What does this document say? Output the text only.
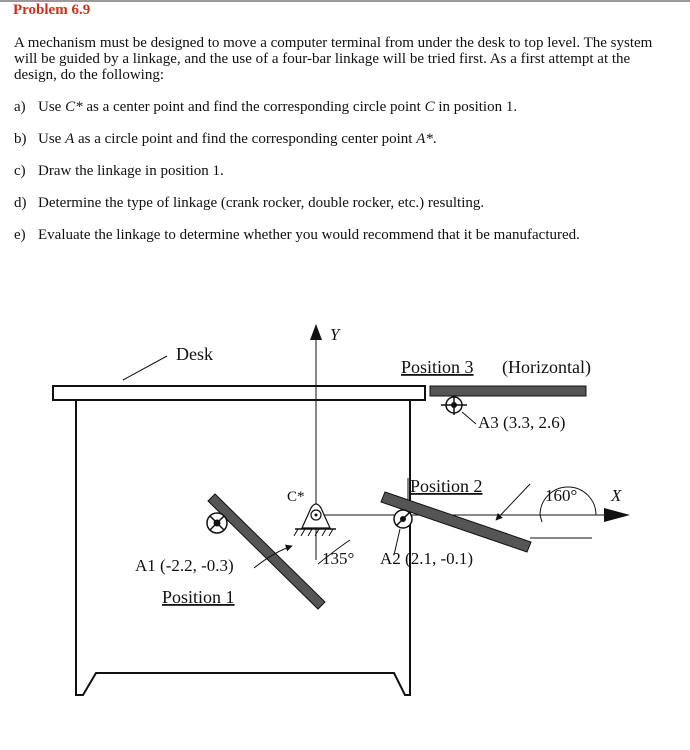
Problem 6.9

A mechanism must be designed to move a computer terminal from under the desk to top level. The system will be guided by a linkage, and the use of a four-bar linkage will be tried first. As a first attempt at the design, do the following:

a) Use C* as a center point and find the corresponding circle point C in position 1.
b) Use A as a circle point and find the corresponding center point A*.
c) Draw the linkage in position 1.
d) Determine the type of linkage (crank rocker, double rocker, etc.) resulting.
e) Evaluate the linkage to determine whether you would recommend that it be manufactured.
Desk
Y
X
Position 3 (Horizontal)
A3 (3.3, 2.6)
Position 2
A2 (2.1, -0.1)
160°
C*
A1 (-2.2, -0.3)
Position 1
135°
